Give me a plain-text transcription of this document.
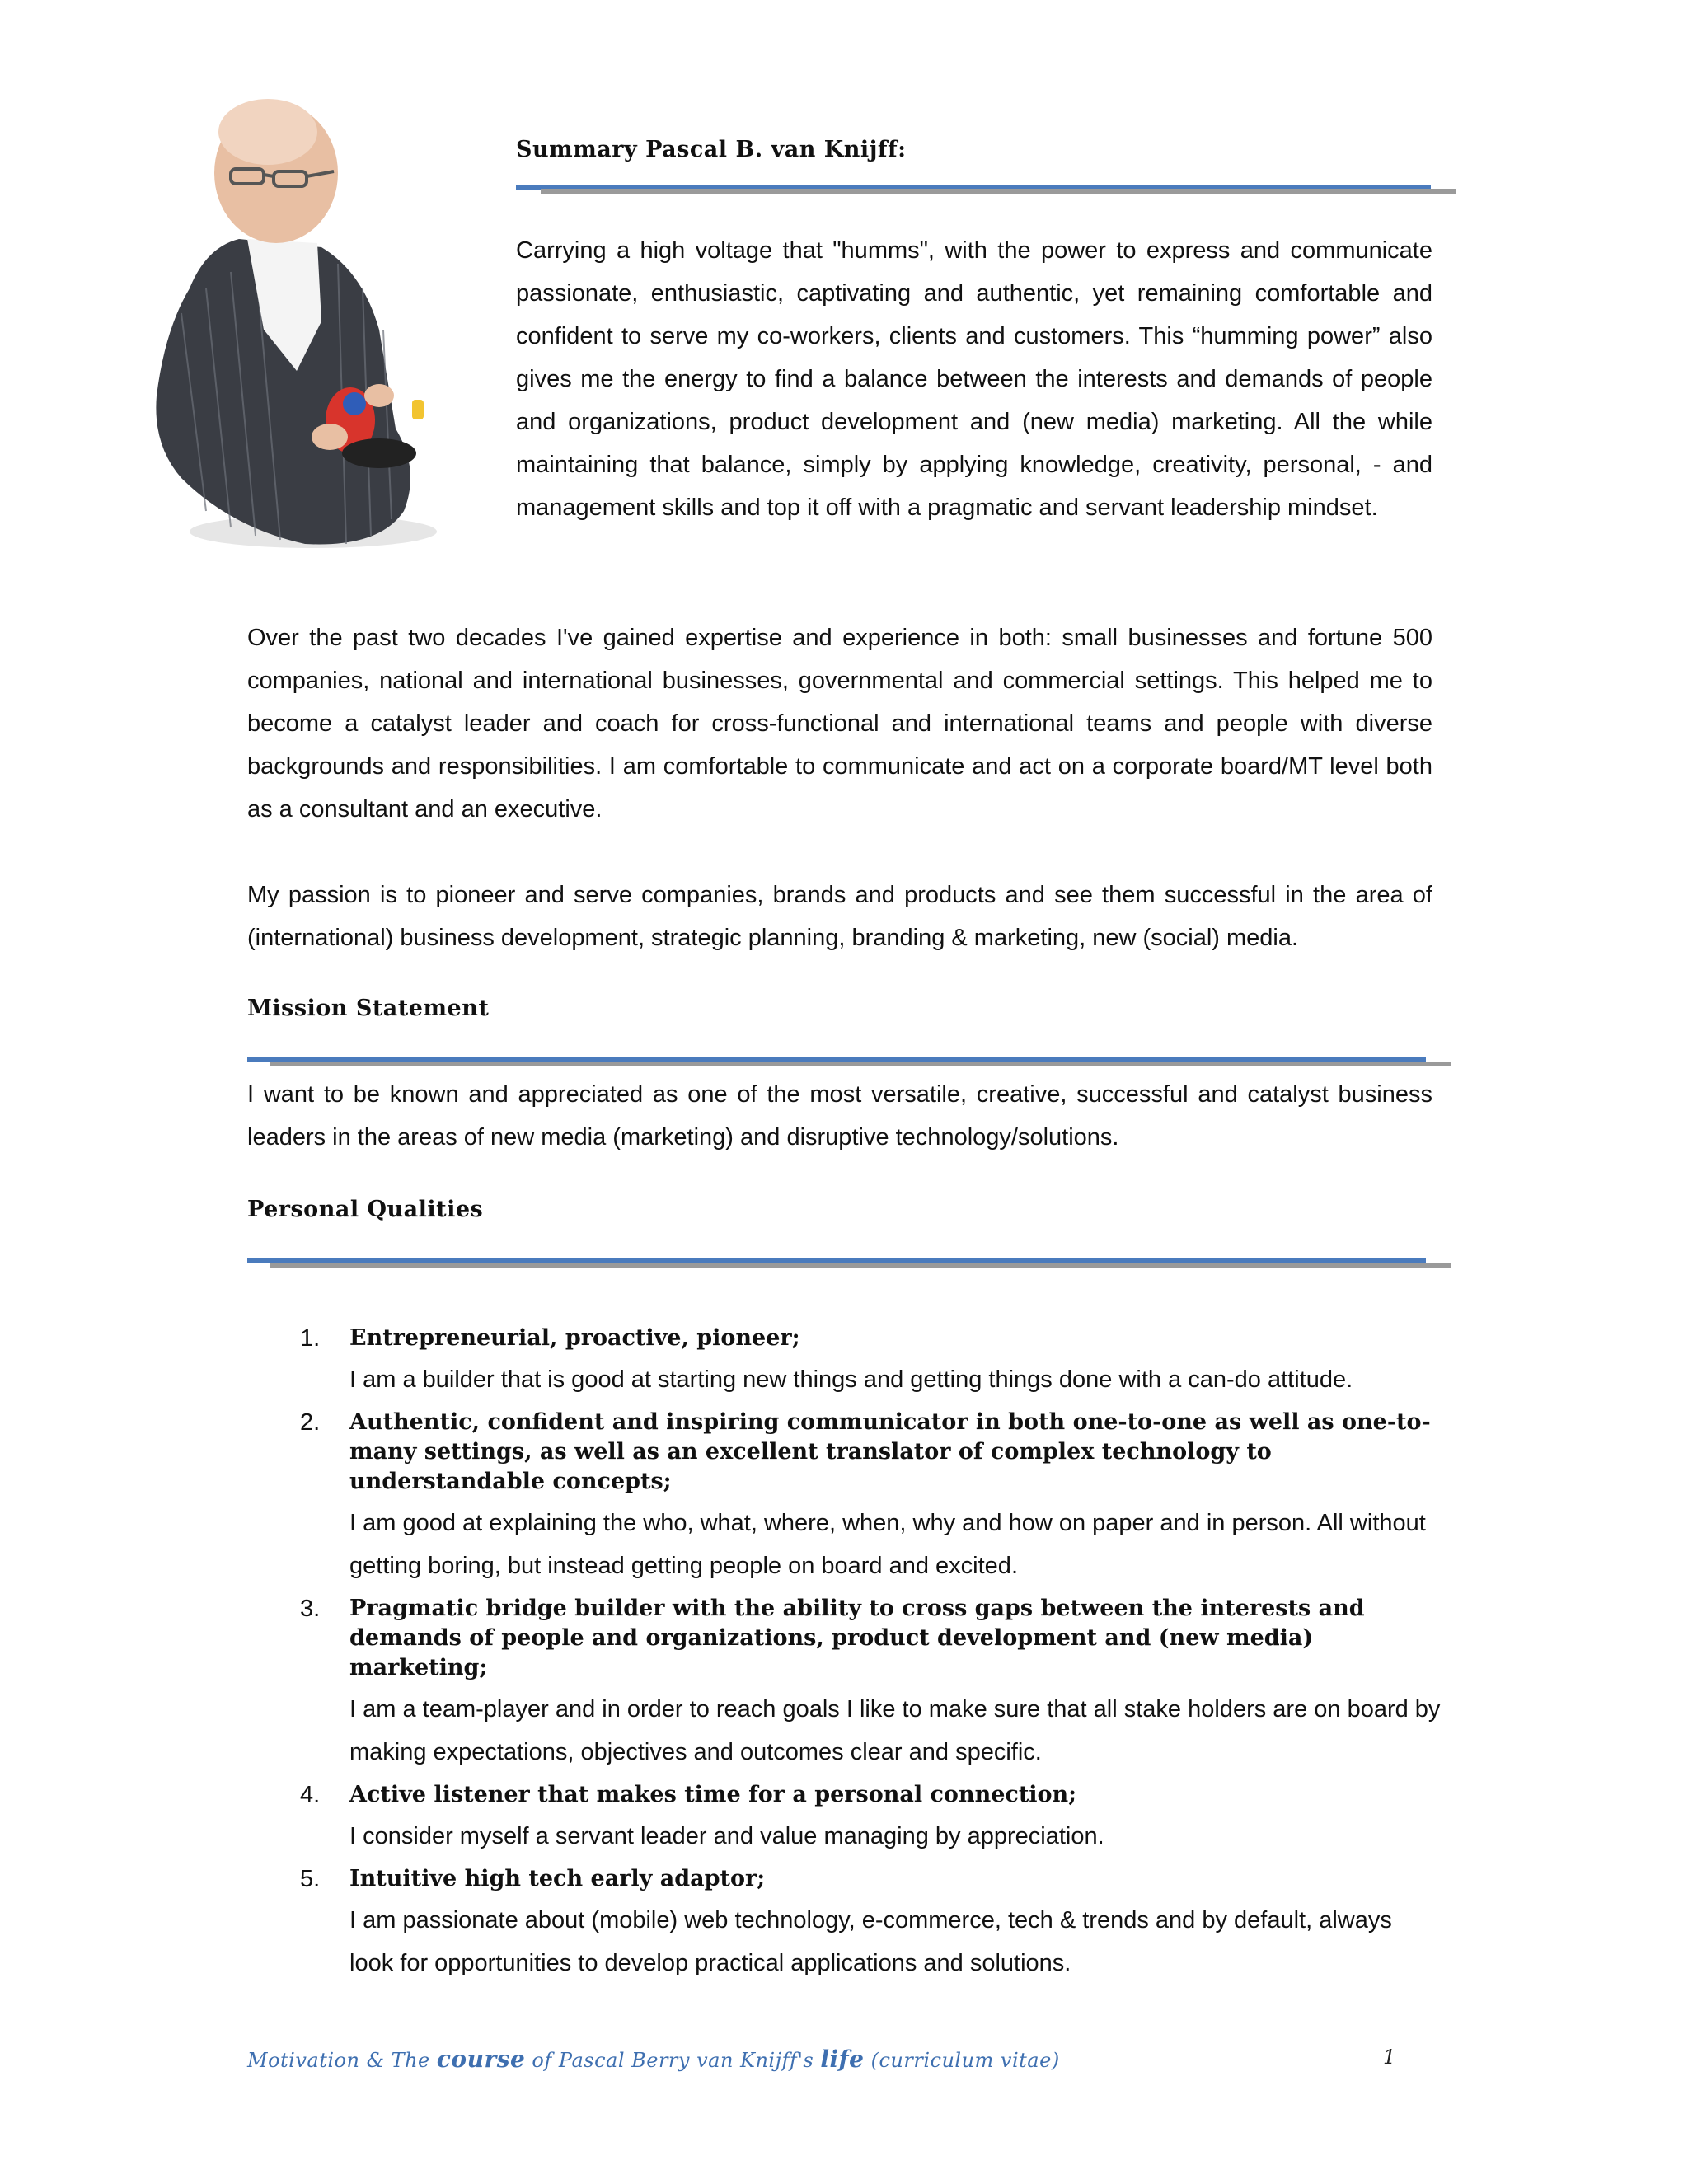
Summary Pascal B. van Knijff:

Carrying a high voltage that "humms", with the power to express and communicate passionate, enthusiastic, captivating and authentic, yet remaining comfortable and confident to serve my co-workers, clients and customers. This “humming power” also gives me the energy to find a balance between the interests and demands of people and organizations, product development and (new media) marketing. All the while maintaining that balance, simply by applying knowledge, creativity, personal, - and management skills and top it off with a pragmatic and servant leadership mindset.

Over the past two decades I've gained expertise and experience in both: small businesses and fortune 500 companies, national and international businesses, governmental and commercial settings. This helped me to become a catalyst leader and coach for cross-functional and international teams and people with diverse backgrounds and responsibilities. I am comfortable to communicate and act on a corporate board/MT level both as a consultant and an executive.

My passion is to pioneer and serve companies, brands and products and see them successful in the area of (international) business development, strategic planning, branding & marketing, new (social) media.

Mission Statement

I want to be known and appreciated as one of the most versatile, creative, successful and catalyst business leaders in the areas of new media (marketing) and disruptive technology/solutions.

Personal Qualities
1. Entrepreneurial, proactive, pioneer;
I am a builder that is good at starting new things and getting things done with a can-do attitude.
2. Authentic, confident and inspiring communicator in both one-to-one as well as one-to-many settings, as well as an excellent translator of complex technology to understandable concepts;
I am good at explaining the who, what, where, when, why and how on paper and in person. All without getting boring, but instead getting people on board and excited.
3. Pragmatic bridge builder with the ability to cross gaps between the interests and demands of people and organizations, product development and (new media) marketing;
I am a team-player and in order to reach goals I like to make sure that all stake holders are on board by making expectations, objectives and outcomes clear and specific.
4. Active listener that makes time for a personal connection;
I consider myself a servant leader and value managing by appreciation.
5. Intuitive high tech early adaptor;
I am passionate about (mobile) web technology, e-commerce, tech & trends and by default, always look for opportunities to develop practical applications and solutions.
Motivation & The course of Pascal Berry van Knijff's life (curriculum vitae)	1
